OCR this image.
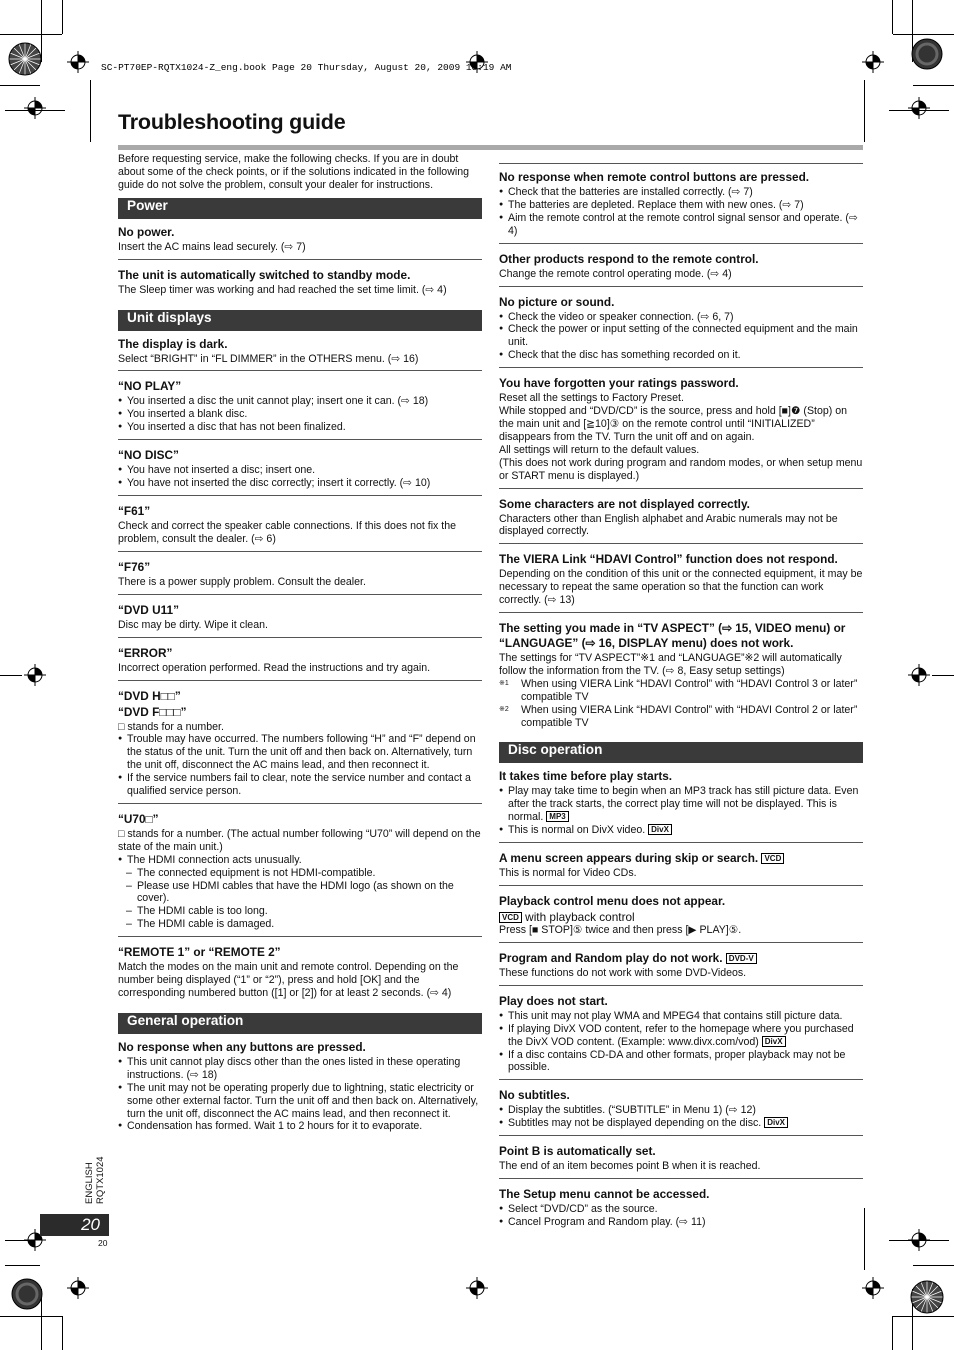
SC-PT70EP-RQTX1024-Z_eng.book Page 20 Thursday, August 20, 2009 10:19 AM
Troubleshooting guide

Before requesting service, make the following checks. If you are in doubt about some of the check points, or if the solutions indicated in the following guide do not solve the problem, consult your dealer for instructions.

Power
No power.

Insert the AC mains lead securely. (⇨ 7)

The unit is automatically switched to standby mode.

The Sleep timer was working and had reached the set time limit. (⇨ 4)

Unit displays
The display is dark.

Select “BRIGHT” in “FL DIMMER” in the OTHERS menu. (⇨ 16)

“NO PLAY”

● You inserted a disc the unit cannot play; insert one it can. (⇨ 18)

● You inserted a blank disc.

● You inserted a disc that has not been finalized.

“NO DISC”

● You have not inserted a disc; insert one.

● You have not inserted the disc correctly; insert it correctly. (⇨ 10)

“F61”

Check and correct the speaker cable connections. If this does not fix the problem, consult the dealer. (⇨ 6)

“F76”

There is a power supply problem. Consult the dealer.

“DVD U11”

Disc may be dirty. Wipe it clean.

“ERROR”

Incorrect operation performed. Read the instructions and try again.

“DVD H□□”
“DVD F□□□”

□ stands for a number.

● Trouble may have occurred. The numbers following “H” and “F” depend on the status of the unit. Turn the unit off and then back on. Alternatively, turn the unit off, disconnect the AC mains lead, and then reconnect it.

● If the service numbers fail to clear, note the service number and contact a qualified service person.

“U70□”

□ stands for a number. (The actual number following “U70” will depend on the state of the main unit.)

● The HDMI connection acts unusually.

– The connected equipment is not HDMI-compatible.

– Please use HDMI cables that have the HDMI logo (as shown on the cover).

– The HDMI cable is too long.

– The HDMI cable is damaged.

“REMOTE 1” or “REMOTE 2”

Match the modes on the main unit and remote control. Depending on the number being displayed (“1” or “2”), press and hold [OK] and the corresponding numbered button ([1] or [2]) for at least 2 seconds. (⇨ 4)

General operation
No response when any buttons are pressed.

● This unit cannot play discs other than the ones listed in these operating instructions. (⇨ 18)

● The unit may not be operating properly due to lightning, static electricity or some other external factor. Turn the unit off and then back on. Alternatively, turn the unit off, disconnect the AC mains lead, and then reconnect it.

● Condensation has formed. Wait 1 to 2 hours for it to evaporate.

No response when remote control buttons are pressed.

● Check that the batteries are installed correctly. (⇨ 7)

● The batteries are depleted. Replace them with new ones. (⇨ 7)

● Aim the remote control at the remote control signal sensor and operate. (⇨ 4)

Other products respond to the remote control.

Change the remote control operating mode. (⇨ 4)

No picture or sound.

● Check the video or speaker connection. (⇨ 6, 7)

● Check the power or input setting of the connected equipment and the main unit.

● Check that the disc has something recorded on it.

You have forgotten your ratings password.

Reset all the settings to Factory Preset.

While stopped and “DVD/CD” is the source, press and hold [■]❼ (Stop) on the main unit and [≧10]③ on the remote control until “INITIALIZED” disappears from the TV. Turn the unit off and on again.

All settings will return to the default values.

(This does not work during program and random modes, or when setup menu or START menu is displayed.)

Some characters are not displayed correctly.

Characters other than English alphabet and Arabic numerals may not be displayed correctly.

The VIERA Link “HDAVI Control” function does not respond.

Depending on the condition of this unit or the connected equipment, it may be necessary to repeat the same operation so that the function can work correctly. (⇨ 13)

The setting you made in “TV ASPECT” (⇨ 15, VIDEO menu) or “LANGUAGE” (⇨ 16, DISPLAY menu) does not work.

The settings for “TV ASPECT”※1 and “LANGUAGE”※2 will automatically follow the information from the TV. (⇨ 8, Easy setup settings)

※1 When using VIERA Link “HDAVI Control” with “HDAVI Control 3 or later” compatible TV

※2 When using VIERA Link “HDAVI Control” with “HDAVI Control 2 or later” compatible TV

Disc operation
It takes time before play starts.

● Play may take time to begin when an MP3 track has still picture data. Even after the track starts, the correct play time will not be displayed. This is normal. MP3

● This is normal on DivX video. DivX

A menu screen appears during skip or search. VCD

This is normal for Video CDs.

Playback control menu does not appear.

VCD with playback control

Press [■ STOP]⑤ twice and then press [▶ PLAY]⑤.

Program and Random play do not work. DVD-V

These functions do not work with some DVD-Videos.

Play does not start.

● This unit may not play WMA and MPEG4 that contains still picture data.

● If playing DivX VOD content, refer to the homepage where you purchased the DivX VOD content. (Example: www.divx.com/vod) DivX

● If a disc contains CD-DA and other formats, proper playback may not be possible.

No subtitles.

● Display the subtitles. (“SUBTITLE” in Menu 1) (⇨ 12)

● Subtitles may not be displayed depending on the disc. DivX

Point B is automatically set.

The end of an item becomes point B when it is reached.

The Setup menu cannot be accessed.

● Select “DVD/CD” as the source.

● Cancel Program and Random play. (⇨ 11)

ENGLISH RQTX1024
20
20
